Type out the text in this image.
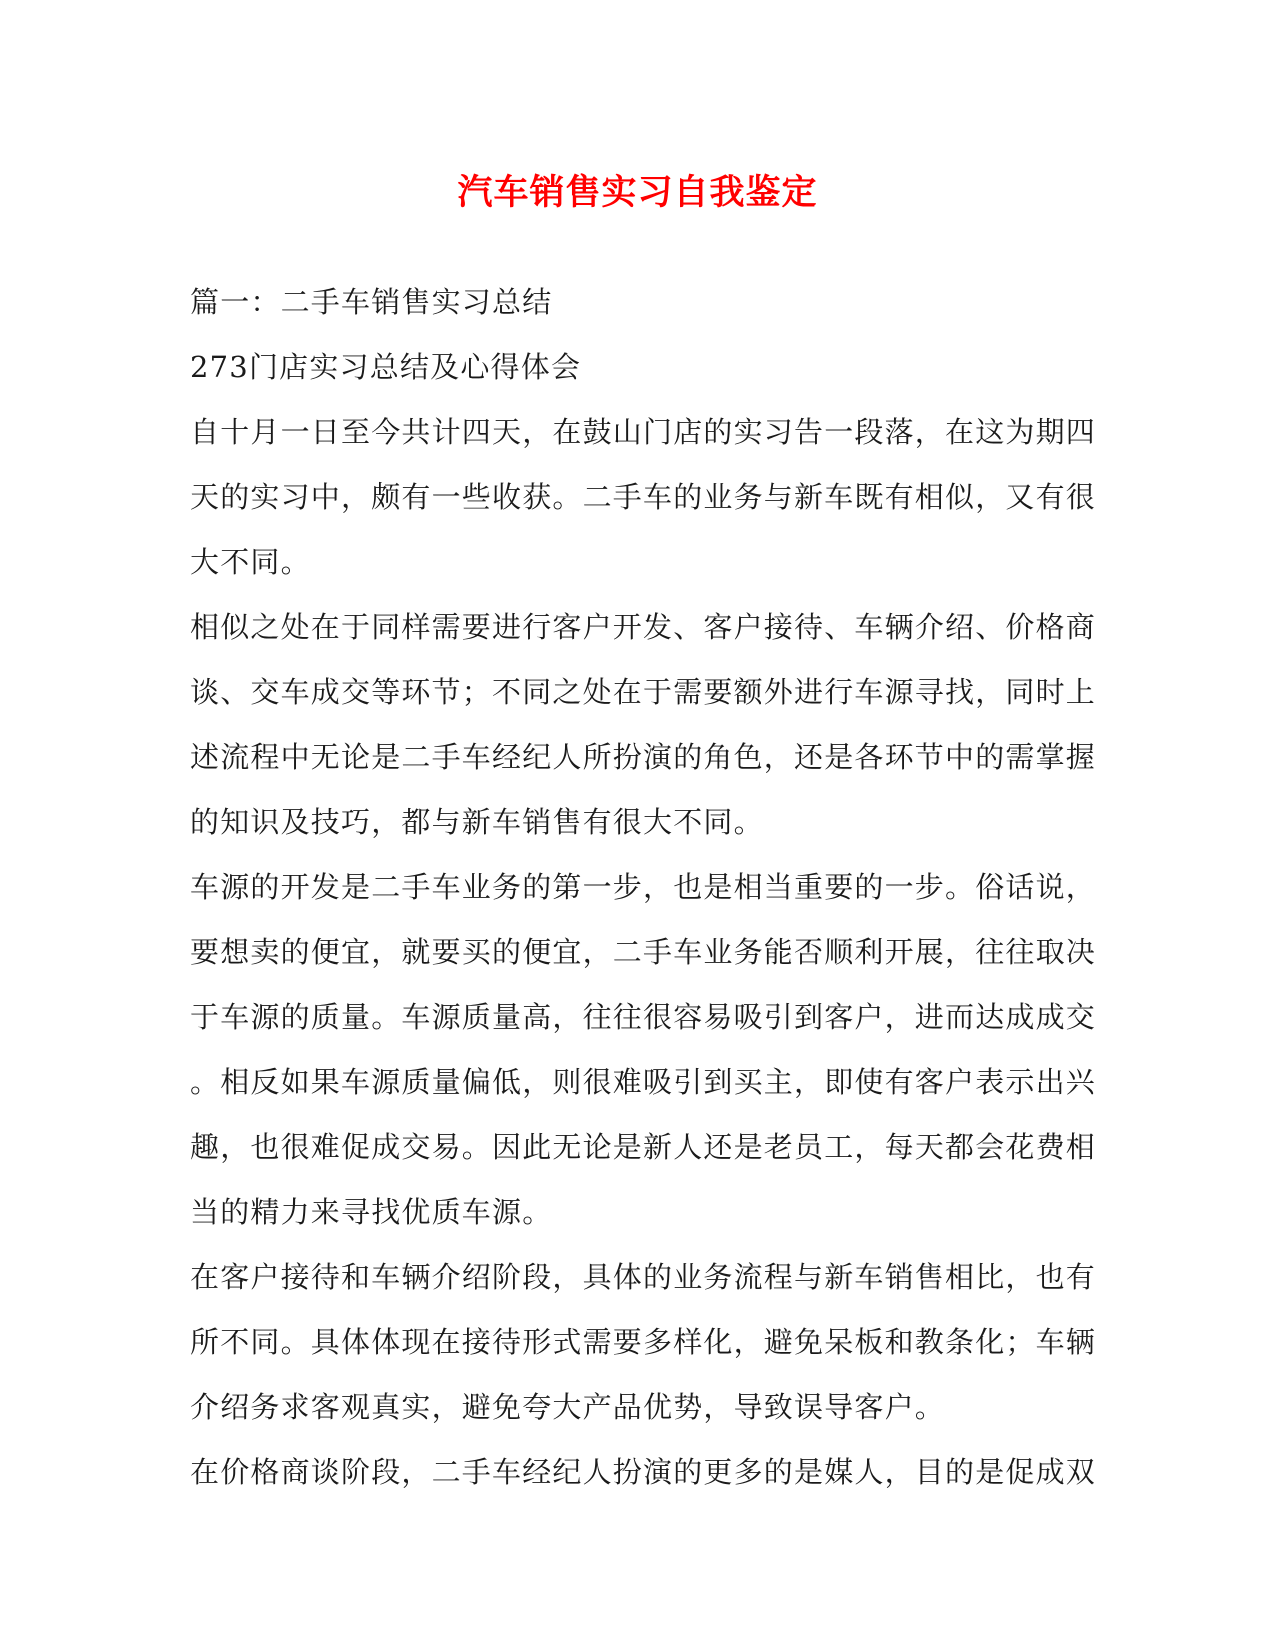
汽车销售实习自我鉴定
篇一：二手车销售实习总结
273门店实习总结及心得体会
自十月一日至今共计四天，在鼓山门店的实习告一段落，在这为期四
天的实习中，颇有一些收获。二手车的业务与新车既有相似，又有很
大不同。
相似之处在于同样需要进行客户开发、客户接待、车辆介绍、价格商
谈、交车成交等环节；不同之处在于需要额外进行车源寻找，同时上
述流程中无论是二手车经纪人所扮演的角色，还是各环节中的需掌握
的知识及技巧，都与新车销售有很大不同。
车源的开发是二手车业务的第一步，也是相当重要的一步。俗话说，
要想卖的便宜，就要买的便宜，二手车业务能否顺利开展，往往取决
于车源的质量。车源质量高，往往很容易吸引到客户，进而达成成交
。相反如果车源质量偏低，则很难吸引到买主，即使有客户表示出兴
趣，也很难促成交易。因此无论是新人还是老员工，每天都会花费相
当的精力来寻找优质车源。
在客户接待和车辆介绍阶段，具体的业务流程与新车销售相比，也有
所不同。具体体现在接待形式需要多样化，避免呆板和教条化；车辆
介绍务求客观真实，避免夸大产品优势，导致误导客户。
在价格商谈阶段，二手车经纪人扮演的更多的是媒人，目的是促成双
